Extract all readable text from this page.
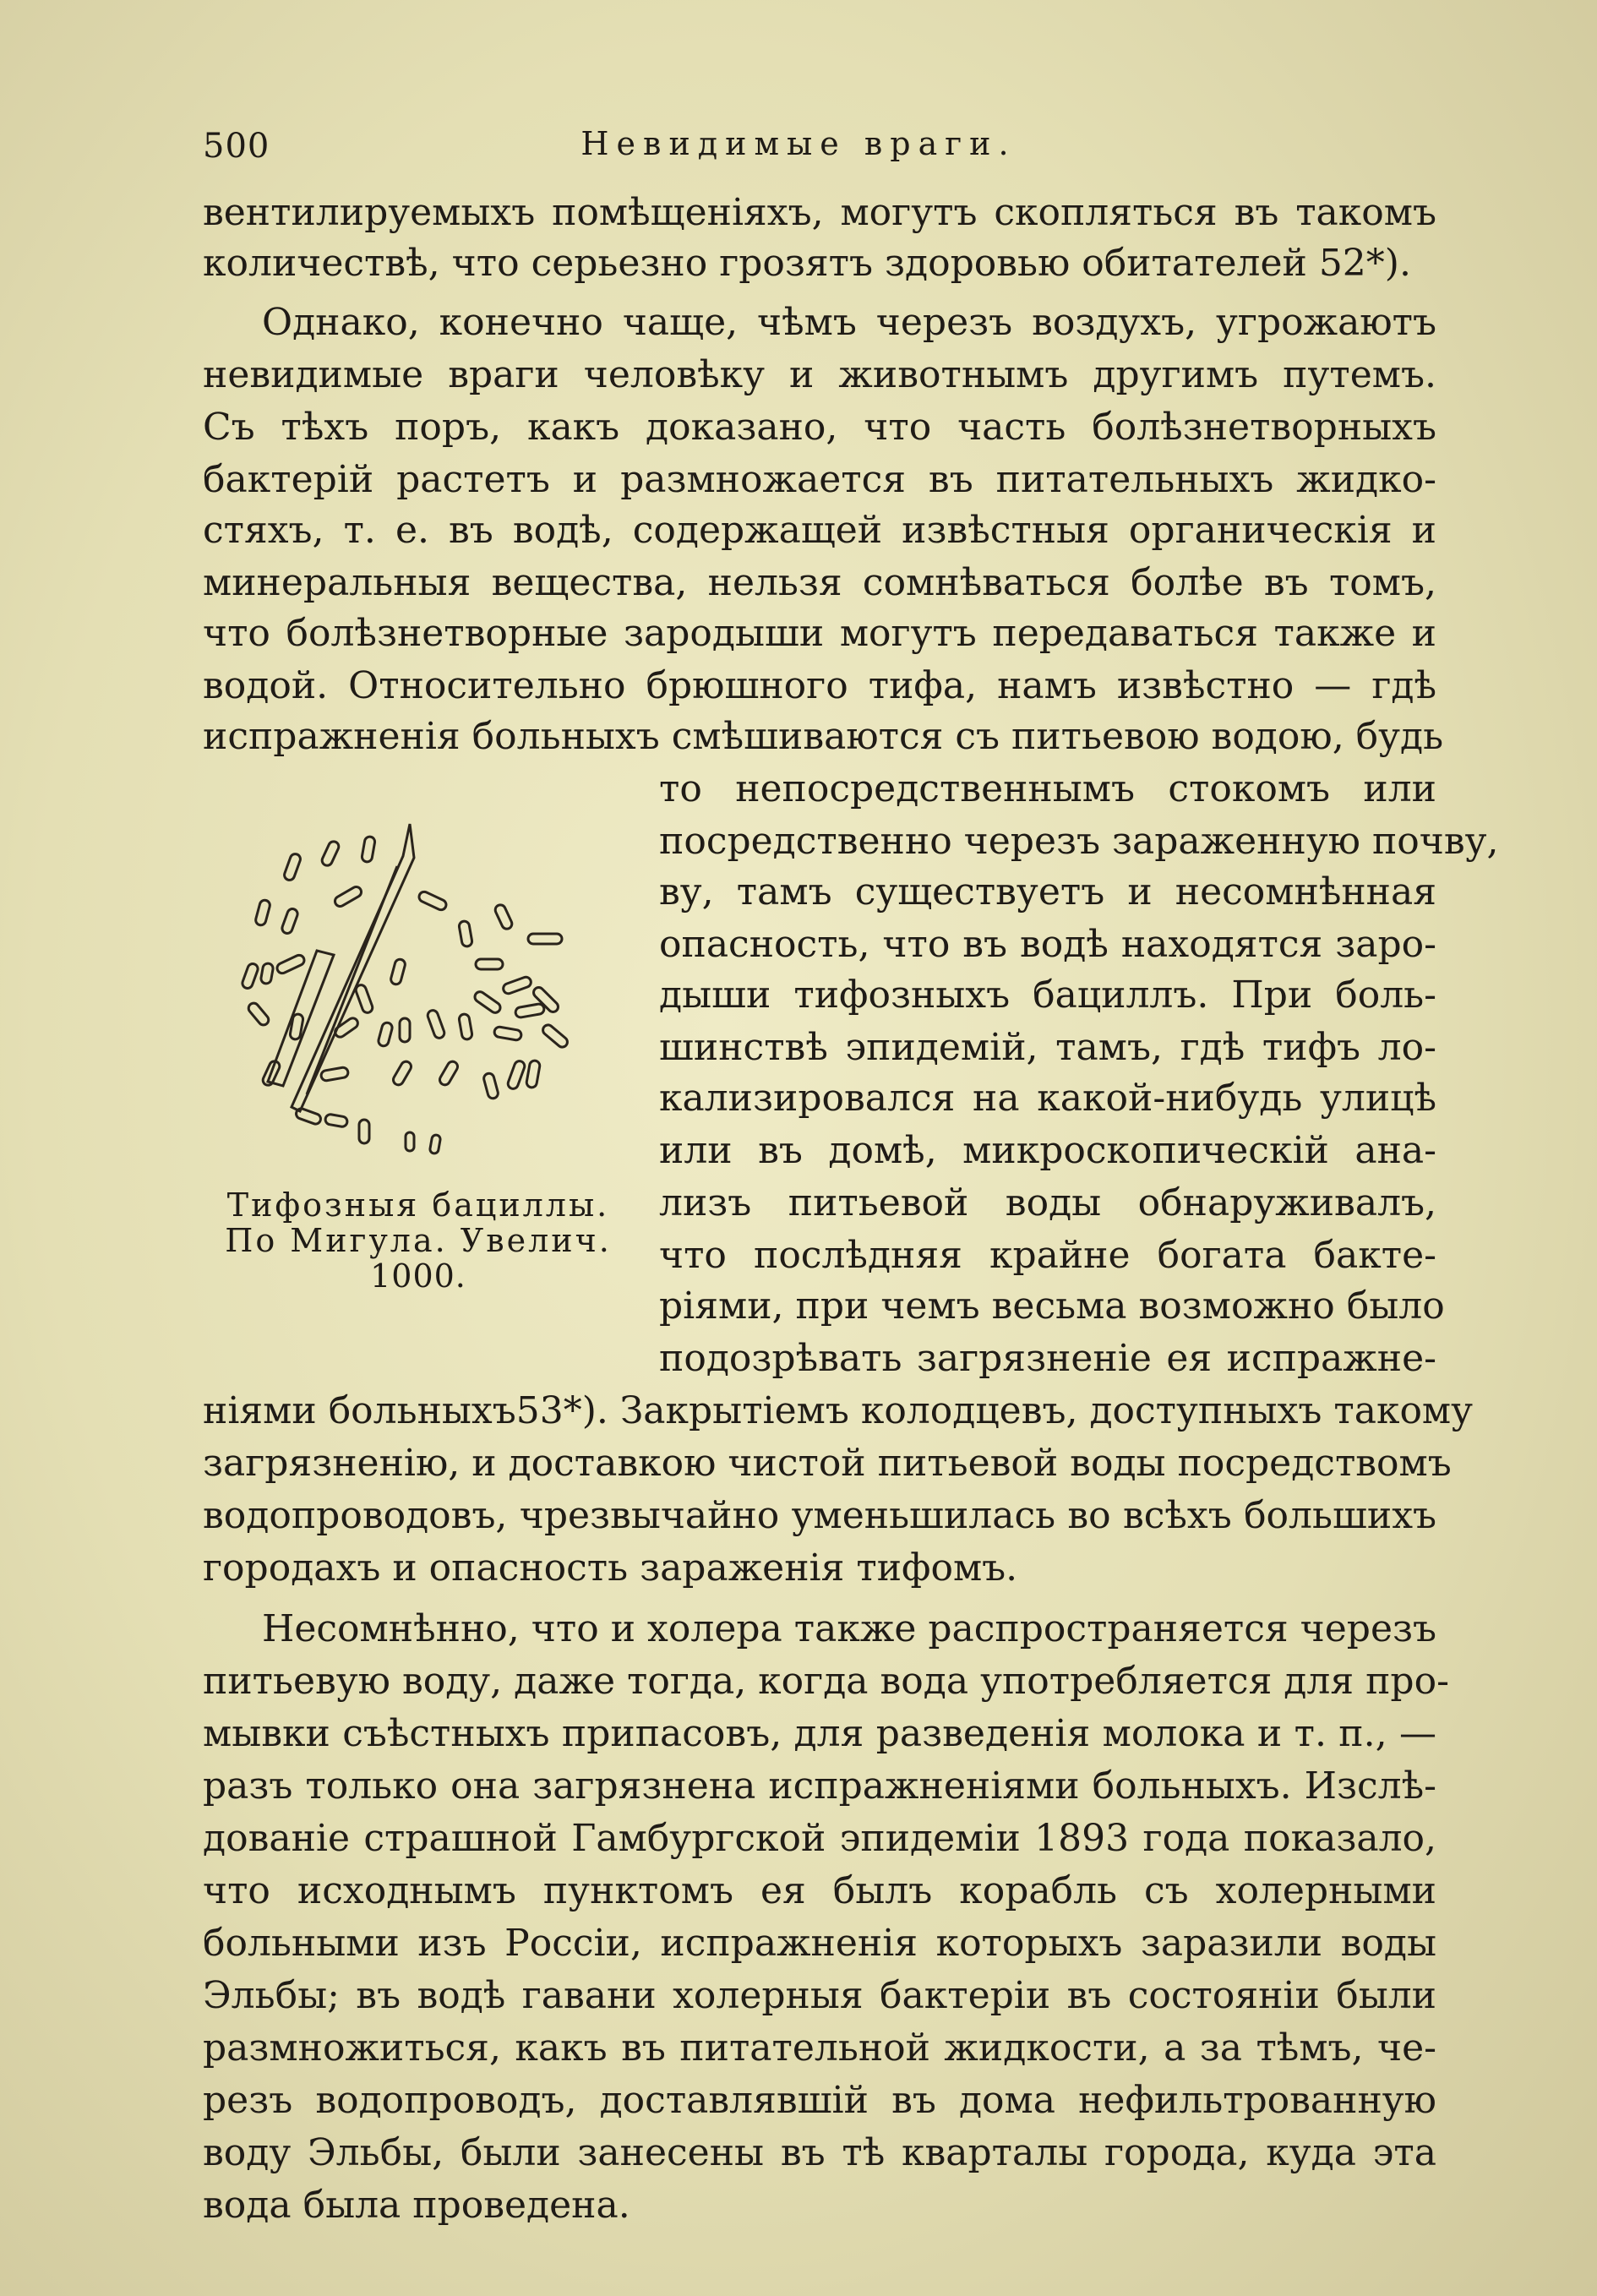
500	Невидимые враги.
вентилируемыхъ помѣщеніяхъ, могутъ скопляться въ такомъ
количествѣ, что серьезно грозятъ здоровью обитателей 52*).
Однако, конечно чаще, чѣмъ черезъ воздухъ, угрожаютъ
невидимые враги человѣку и животнымъ другимъ путемъ.
Съ тѣхъ поръ, какъ доказано, что часть болѣзнетворныхъ
бактерій растетъ и размножается въ питательныхъ жидко-
стяхъ, т. е. въ водѣ, содержащей извѣстныя органическія и
минеральныя вещества, нельзя сомнѣваться болѣе въ томъ,
что болѣзнетворные зародыши могутъ передаваться также и
водой. Относительно брюшного тифа, намъ извѣстно — гдѣ
испражненія больныхъ смѣшиваются съ питьевою водою, будь
Тифозныя бациллы.
По Мигула. Увелич.
1000.
то непосредственнымъ стокомъ или
посредственно черезъ зараженную почву,
ву, тамъ существуетъ и несомнѣнная
опасность, что въ водѣ находятся заро-
дыши тифозныхъ бациллъ. При боль-
шинствѣ эпидемій, тамъ, гдѣ тифъ ло-
кализировался на какой-нибудь улицѣ
или въ домѣ, микроскопическій ана-
лизъ питьевой воды обнаруживалъ,
что послѣдняя крайне богата бакте-
ріями, при чемъ весьма возможно было
подозрѣвать загрязненіе ея испражне-
ніями больныхъ53*). Закрытіемъ колодцевъ, доступныхъ такому
загрязненію, и доставкою чистой питьевой воды посредствомъ
водопроводовъ, чрезвычайно уменьшилась во всѣхъ большихъ
городахъ и опасность зараженія тифомъ.
Несомнѣнно, что и холера также распространяется черезъ
питьевую воду, даже тогда, когда вода употребляется для про-
мывки съѣстныхъ припасовъ, для разведенія молока и т. п., —
разъ только она загрязнена испражненіями больныхъ. Изслѣ-
дованіе страшной Гамбургской эпидеміи 1893 года показало,
что исходнымъ пунктомъ ея былъ корабль съ холерными
больными изъ Россіи, испражненія которыхъ заразили воды
Эльбы; въ водѣ гавани холерныя бактеріи въ состояніи были
размножиться, какъ въ питательной жидкости, а за тѣмъ, че-
резъ водопроводъ, доставлявшій въ дома нефильтрованную
воду Эльбы, были занесены въ тѣ кварталы города, куда эта
вода была проведена.
